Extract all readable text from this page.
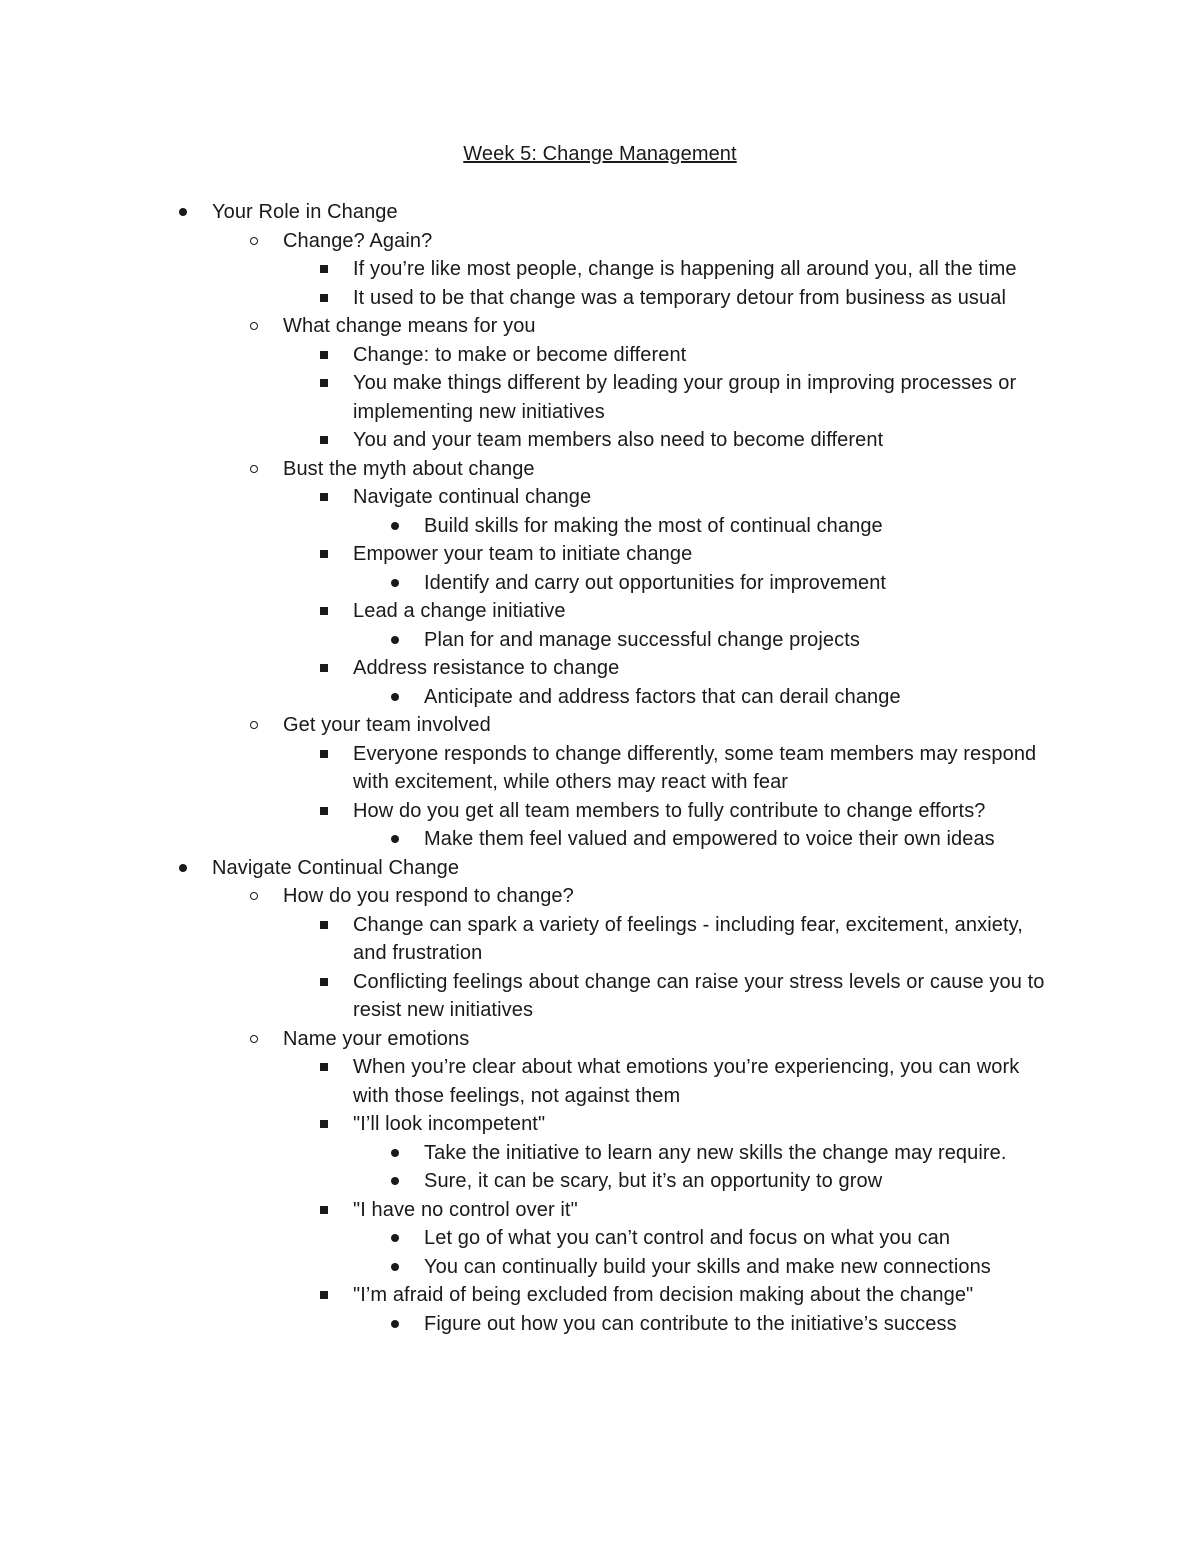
Week 5: Change Management
Your Role in Change
Change? Again?
If you’re like most people, change is happening all around you, all the time
It used to be that change was a temporary detour from business as usual
What change means for you
Change: to make or become different
You make things different by leading your group in improving processes or implementing new initiatives
You and your team members also need to become different
Bust the myth about change
Navigate continual change
Build skills for making the most of continual change
Empower your team to initiate change
Identify and carry out opportunities for improvement
Lead a change initiative
Plan for and manage successful change projects
Address resistance to change
Anticipate and address factors that can derail change
Get your team involved
Everyone responds to change differently, some team members may respond with excitement, while others may react with fear
How do you get all team members to fully contribute to change efforts?
Make them feel valued and empowered to voice their own ideas
Navigate Continual Change
How do you respond to change?
Change can spark a variety of feelings - including fear, excitement, anxiety, and frustration
Conflicting feelings about change can raise your stress levels or cause you to resist new initiatives
Name your emotions
When you’re clear about what emotions you’re experiencing, you can work with those feelings, not against them
"I’ll look incompetent"
Take the initiative to learn any new skills the change may require.
Sure, it can be scary, but it’s an opportunity to grow
"I have no control over it"
Let go of what you can’t control and focus on what you can
You can continually build your skills and make new connections
"I’m afraid of being excluded from decision making about the change"
Figure out how you can contribute to the initiative’s success
